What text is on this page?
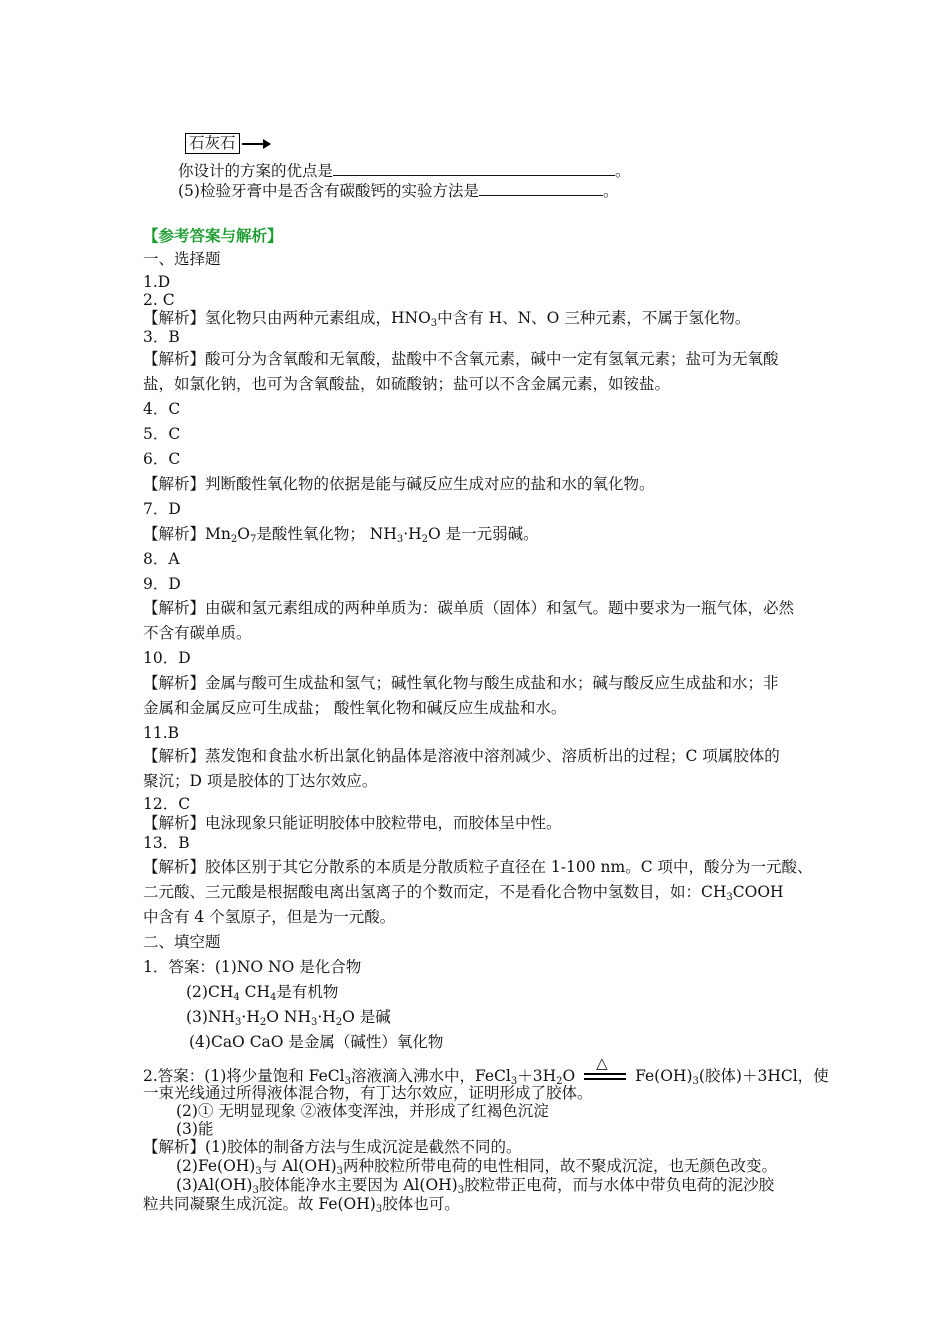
石灰石
你设计的方案的优点是	。
(5)检验牙膏中是否含有碳酸钙的实验方法是	。
【参考答案与解析】
一、选择题
1.D
2. C
【解析】氢化物只由两种元素组成，$HNO_3$中含有 H、N、O 三种元素，不属于氢化物。
3．B
【解析】酸可分为含氧酸和无氧酸，盐酸中不含氧元素，碱中一定有氢氧元素；盐可为无氧酸
盐，如氯化钠，也可为含氧酸盐，如硫酸钠；盐可以不含金属元素，如铵盐。
4．C
5．C
6．C
【解析】判断酸性氧化物的依据是能与碱反应生成对应的盐和水的氧化物。
7．D
【解析】$Mn_2O_7$是酸性氧化物； $NH_3\cdot H_2O$ 是一元弱碱。
8．A
9．D
【解析】由碳和氢元素组成的两种单质为：碳单质（固体）和氢气。题中要求为一瓶气体，必然
不含有碳单质。
10．D
【解析】金属与酸可生成盐和氢气；碱性氧化物与酸生成盐和水；碱与酸反应生成盐和水；非
金属和金属反应可生成盐； 酸性氧化物和碱反应生成盐和水。
11.B
【解析】蒸发饱和食盐水析出氯化钠晶体是溶液中溶剂减少、溶质析出的过程；C 项属胶体的
聚沉；D 项是胶体的丁达尔效应。
12．C
【解析】电泳现象只能证明胶体中胶粒带电，而胶体呈中性。
13．B
【解析】胶体区别于其它分散系的本质是分散质粒子直径在 1-100 nm。C 项中，酸分为一元酸、
二元酸、三元酸是根据酸电离出氢离子的个数而定，不是看化合物中氢数目，如：$CH_3COOH$
中含有 4 个氢原子，但是为一元酸。
二、填空题
1．答案：(1)NO NO 是化合物
$(2)CH_4$ $CH_4$是有机物
$(3)NH_3\cdot H_2O$ $NH_3\cdot H_2O$ 是碱
(4)CaO CaO 是金属（碱性）氧化物
2.答案：(1)将少量饱和 FeCl$_3$溶液滴入沸水中，$FeCl_3+3H_2O$
△
$Fe(OH)_3$(胶体)＋3HCl，使
一束光线通过所得液体混合物，有丁达尔效应，证明形成了胶体。
(2)① 无明显现象 ②液体变浑浊，并形成了红褐色沉淀
(3)能
【解析】(1)胶体的制备方法与生成沉淀是截然不同的。
$(2)Fe(OH)_3$与 $Al(OH)_3$两种胶粒所带电荷的电性相同，故不聚成沉淀，也无颜色改变。
$(3)Al(OH)_3$胶体能净水主要因为 $Al(OH)_3$胶粒带正电荷，而与水体中带负电荷的泥沙胶
粒共同凝聚生成沉淀。故 $Fe(OH)_3$胶体也可。
